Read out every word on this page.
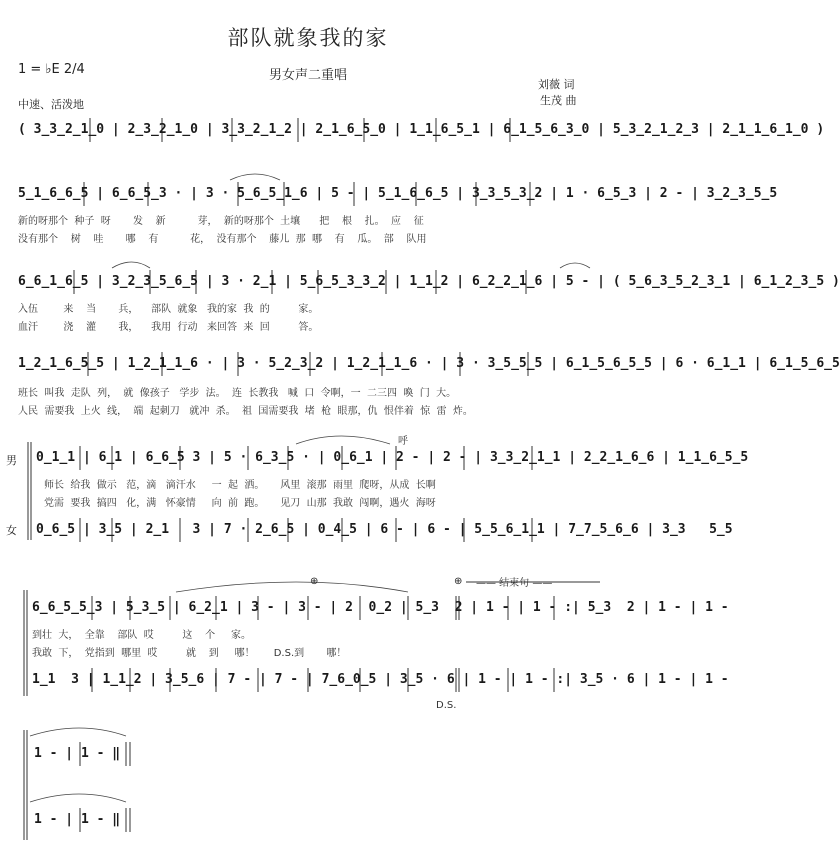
部队就象我的家
男女声二重唱
1 = ♭E 2/4
刘薇 词
生茂 曲
中速、活泼地
( 3̲3̲2̲1̲0 | 2̲3̲2̲1̲0 | 3̲3̲2̲1̲2 | 2̲1̲6̲5̲0 | 1̲1̲6̲5̲1 | 6̲1̲5̲6̲3̲0 | 5̲3̲2̲1̲2̲3 | 2̲1̲1̲6̲1̲0 )
5̲1̲6̲6̲5 | 6̲6̲5̲3 · | 3 · 5̲6̲5̲1̲6 | 5 - | 5̲1̲6̲6̲5 | 3̲3̲5̲3̲2 | 1 · 6̲5̲3 | 2 - | 3̲2̲3̲5̲5
新的呀那个  种子  呀       发    新          芽，  新的呀那个  土壤      把    根    扎。  应    征
没有那个    树    哇       哪    有          花，  没有那个    藤儿  那  哪    有    瓜。  部    队用
6̲6̲1̲6̲5 | 3̲2̲3̲5̲6̲5 | 3 · 2̲1 | 5̲6̲5̲3̲3̲2 | 1̲1̲2 | 6̲2̲2̲1̲6 | 5 - | ( 5̲6̲3̲5̲2̲3̲1 | 6̲1̲2̲3̲5 )
入伍        来    当       兵，    部队  就象   我的家  我  的         家。
血汗        浇    灌       我，    我用  行动   来回答  来  回         答。
1̲2̲1̲6̲5̲5 | 1̲2̲1̲1̲6 · | 3 · 5̲2̲3̲2 | 1̲2̲1̲1̲6 · | 3 · 3̲5̲5̲5 | 6̲1̲5̲6̲5̲5 | 6 · 6̲1̲1 | 6̲1̲5̲6̲5
班长  叫我  走队  列，  就  像孩子   学步  法。  连  长教我   喊  口  令啊，一  二三四  喚  门  大。
人民  需要我  上火  线，  端  起刺刀   就冲  杀。  祖  国需要我  堵  枪  眼那，仇  恨伴着  惊  雷  炸。
男
女
0̲1̲1 | 6̲1 | 6̲6̲5 3 | 5 · 6̲3̲5 · | 0̲6̲1 | 2 - | 2 - | 3̲3̲2̲1̲1 | 2̲2̲1̲6̲6 | 1̲1̲6̲5̲5
师长  给我  做示   范，滴   滴汗水     一  起  洒。     风里  滚那  雨里  爬呀，从成  长啊
党需  要我  搞四   化，满   怀豪情     向  前  跑。     见刀  山那  我敢  闯啊，遇火  海呀
0̲6̲5 | 3̲5 | 2̲1   3 | 7 · 2̲6̲5 | 0̲4̲5 | 6 - | 6 - | 5̲5̲6̲1̲1 | 7̲7̲5̲6̲6 | 3̲3   5̲5
呼
⊕	⊕ —— 结束句 ——
6̲6̲5̲5̲3 | 5̲3̲5 | 6̲2̲1 | 3 - | 3 - | 2  0̲2 | 5̲3  2 | 1 - | 1 - :| 5̲3  2 | 1 - | 1 -
到壮  大，  全靠    部队  哎         这    个     家。
我敢  下，  党指到  哪里  哎         就    到     哪！      D.S.到       哪！
1̲1  3 | 1̲1̲2 | 3̲5̲6 | 7 - | 7 - | 7̲6̲0̲5 | 3̲5 · 6 | 1 - | 1 - :| 3̲5 · 6 | 1 - | 1 -
D.S.
1 - | 1 - ‖
1 - | 1 - ‖
